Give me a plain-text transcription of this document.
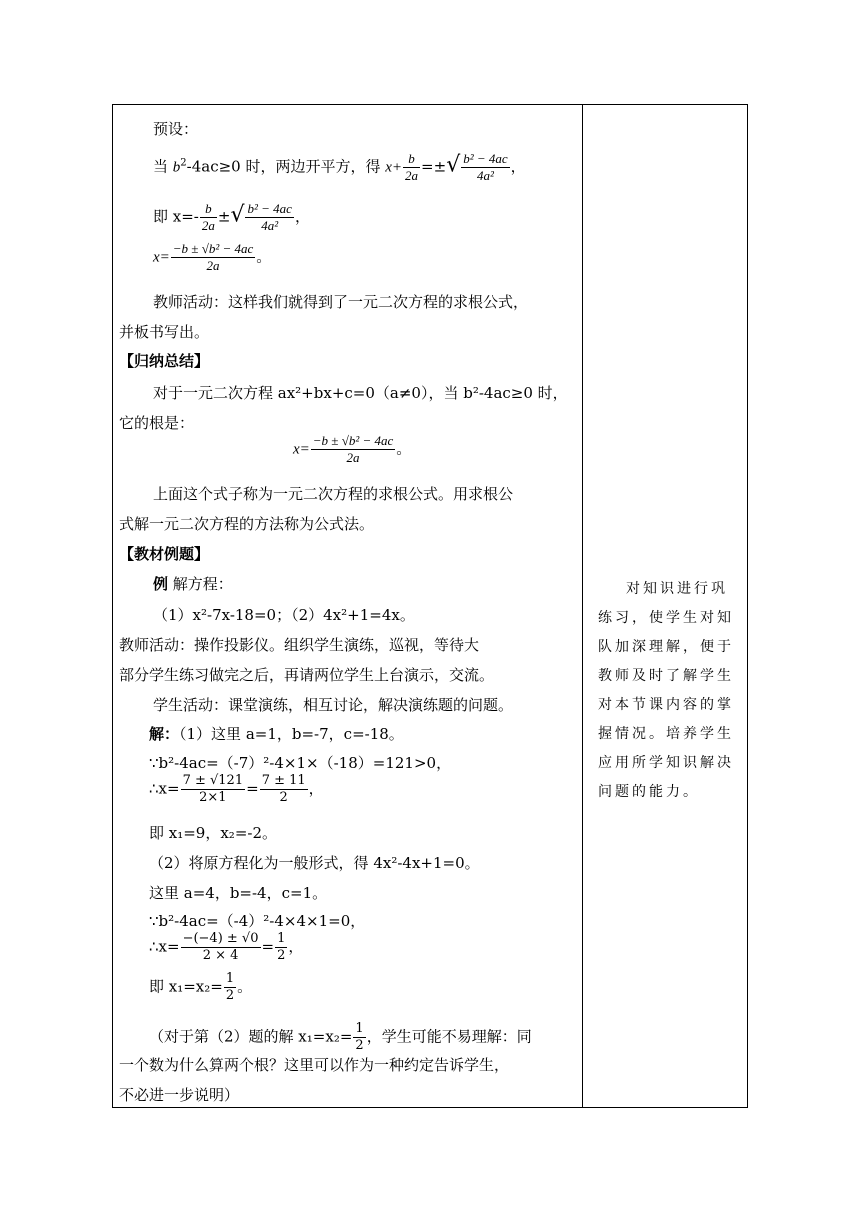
预设：
当 $b^2-4ac\ge 0$ 时，两边开平方，得 $x+ \frac{b}{2a}$ =±√ $\frac{\text{b² − 4ac}}{\text{4a²}}$ ，
即 $x=- \frac{b}{2a}$ ±√ $\frac{\text{b² − 4ac}}{\text{4a²}}$ ，
$x= \frac{\text{−b ± √b² − 4ac}}{2a}$ 。
教师活动：这样我们就得到了一元二次方程的求根公式，
并板书写出。
【归纳总结】
对于一元二次方程 ax²+bx+c=0（a≠0），当 b²-4ac≥0 时，
它的根是：
$x= \frac{\text{−b ± √b² − 4ac}}{2a}$ 。
上面这个式子称为一元二次方程的求根公式。用求根公
式解一元二次方程的方法称为公式法。
【教材例题】
例 解方程：
（1）x²-7x-18=0；（2）4x²+1=4x。
教师活动：操作投影仪。组织学生演练，巡视，等待大
部分学生练习做完之后，再请两位学生上台演示，交流。
学生活动：课堂演练，相互讨论，解决演练题的问题。
解：（1）这里 a=1，b=-7，c=-18。
∵b²-4ac=（-7）²-4×1×（-18）=121>0，
∴x= $\frac{7 \pm √121}{2\times 1} = \frac{7 \pm 11}{2}$ ，
即 x₁=9，x₂=-2。
（2）将原方程化为一般形式，得 4x²-4x+1=0。
这里 a=4，b=-4，c=1。
∵b²-4ac=（-4）²-4×4×1=0，
∴x= $\frac{-(-4) \pm √0}{2 \times 4} = \frac{1}{2}$ ，
即 $x_1=x_2= \frac{1}{2}$ 。
（对于第（2）题的解 $x_1=x_2= \frac{1}{2}$ ，学生可能不易理解：同
一个数为什么算两个根？这里可以作为一种约定告诉学生，
不必进一步说明）
对知识进行巩练习，使学生对知队加深理解，便于教师及时了解学生对本节课内容的掌握情况。培养学生应用所学知识解决问题的能力。
